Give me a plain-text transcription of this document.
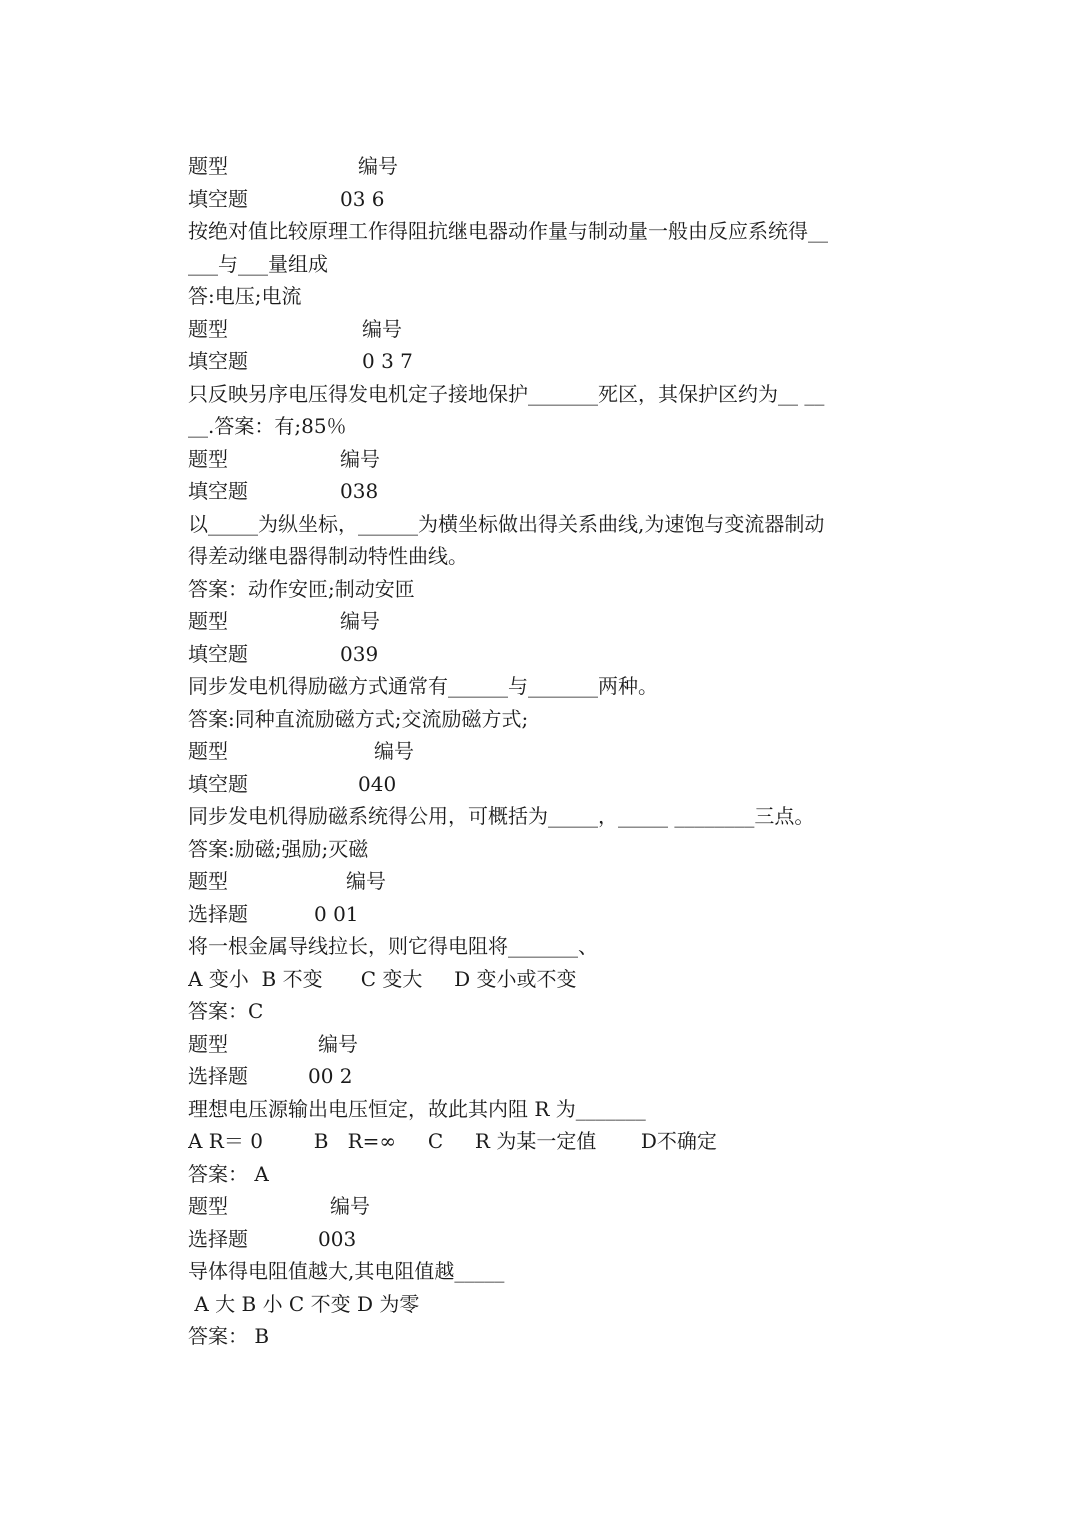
题型	编号
填空题	03 6
按绝对值比较原理工作得阻抗继电器动作量与制动量一般由反应系统得__
___与___量组成
答:电压;电流
题型	编号
填空题	0 3 7
只反映另序电压得发电机定子接地保护_______死区，其保护区约为__ __
__.答案：有;85％
题型	编号
填空题	038
以_____为纵坐标，______为横坐标做出得关系曲线,为速饱与变流器制动
得差动继电器得制动特性曲线。
答案：动作安匝;制动安匝
题型	编号
填空题	039
同步发电机得励磁方式通常有______与_______两种。
答案:同种直流励磁方式;交流励磁方式;
题型	编号
填空题	040
同步发电机得励磁系统得公用，可概括为_____，_____ ________三点。
答案:励磁;强励;灭磁
题型	编号
选择题	0 01
将一根金属导线拉长，则它得电阻将_______、
A 变小  B 不变      C 变大     D 变小或不变
答案：C
题型	编号
选择题	00 2
理想电压源输出电压恒定，故此其内阻 R 为_______
A R＝ 0        B   R=∞     C     R 为某一定值       D不确定
答案： A
题型	编号
选择题	003
导体得电阻值越大,其电阻值越_____
A 大 B 小 C 不变 D 为零
答案： B
